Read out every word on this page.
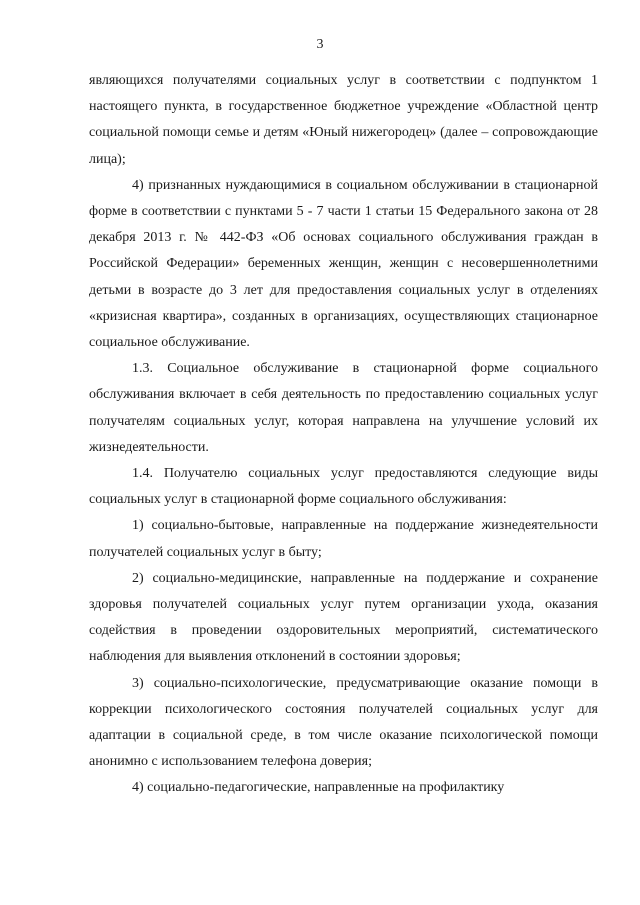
3

являющихся получателями социальных услуг в соответствии с подпунктом 1 настоящего пункта, в государственное бюджетное учреждение «Областной центр социальной помощи семье и детям «Юный нижегородец» (далее – сопровождающие лица);

4) признанных нуждающимися в социальном обслуживании в стационарной форме в соответствии с пунктами 5 - 7 части 1 статьи 15 Федерального закона от 28 декабря 2013 г. № 442-ФЗ «Об основах социального обслуживания граждан в Российской Федерации» беременных женщин, женщин с несовершеннолетними детьми в возрасте до 3 лет для предоставления социальных услуг в отделениях «кризисная квартира», созданных в организациях, осуществляющих стационарное социальное обслуживание.

1.3. Социальное обслуживание в стационарной форме социального обслуживания включает в себя деятельность по предоставлению социальных услуг получателям социальных услуг, которая направлена на улучшение условий их жизнедеятельности.

1.4. Получателю социальных услуг предоставляются следующие виды социальных услуг в стационарной форме социального обслуживания:

1) социально-бытовые, направленные на поддержание жизнедеятельности получателей социальных услуг в быту;

2) социально-медицинские, направленные на поддержание и сохранение здоровья получателей социальных услуг путем организации ухода, оказания содействия в проведении оздоровительных мероприятий, систематического наблюдения для выявления отклонений в состоянии здоровья;

3) социально-психологические, предусматривающие оказание помощи в коррекции психологического состояния получателей социальных услуг для адаптации в социальной среде, в том числе оказание психологической помощи анонимно с использованием телефона доверия;

4) социально-педагогические, направленные на профилактику
